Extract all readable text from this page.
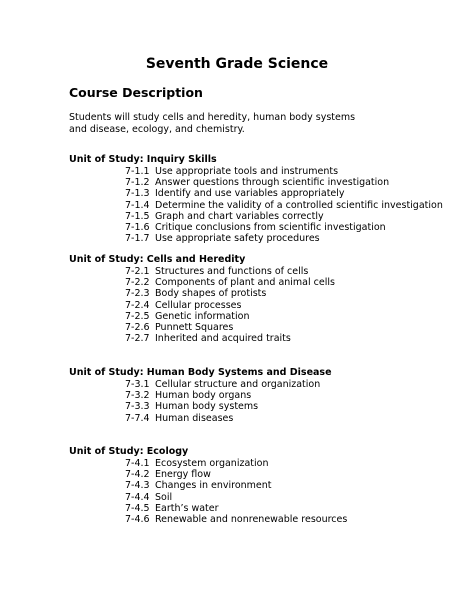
Seventh Grade Science
Course Description
Students will study cells and heredity, human body systems and disease, ecology, and chemistry.
Unit of Study: Inquiry Skills
7-1.1 Use appropriate tools and instruments
7-1.2 Answer questions through scientific investigation
7-1.3 Identify and use variables appropriately
7-1.4 Determine the validity of a controlled scientific investigation
7-1.5 Graph and chart variables correctly
7-1.6 Critique conclusions from scientific investigation
7-1.7 Use appropriate safety procedures
Unit of Study: Cells and Heredity
7-2.1 Structures and functions of cells
7-2.2 Components of plant and animal cells
7-2.3 Body shapes of protists
7-2.4 Cellular processes
7-2.5 Genetic information
7-2.6 Punnett Squares
7-2.7 Inherited and acquired traits
Unit of Study: Human Body Systems and Disease
7-3.1 Cellular structure and organization
7-3.2 Human body organs
7-3.3 Human body systems
7-7.4 Human diseases
Unit of Study: Ecology
7-4.1 Ecosystem organization
7-4.2 Energy flow
7-4.3 Changes in environment
7-4.4 Soil
7-4.5 Earth’s water
7-4.6 Renewable and nonrenewable resources
